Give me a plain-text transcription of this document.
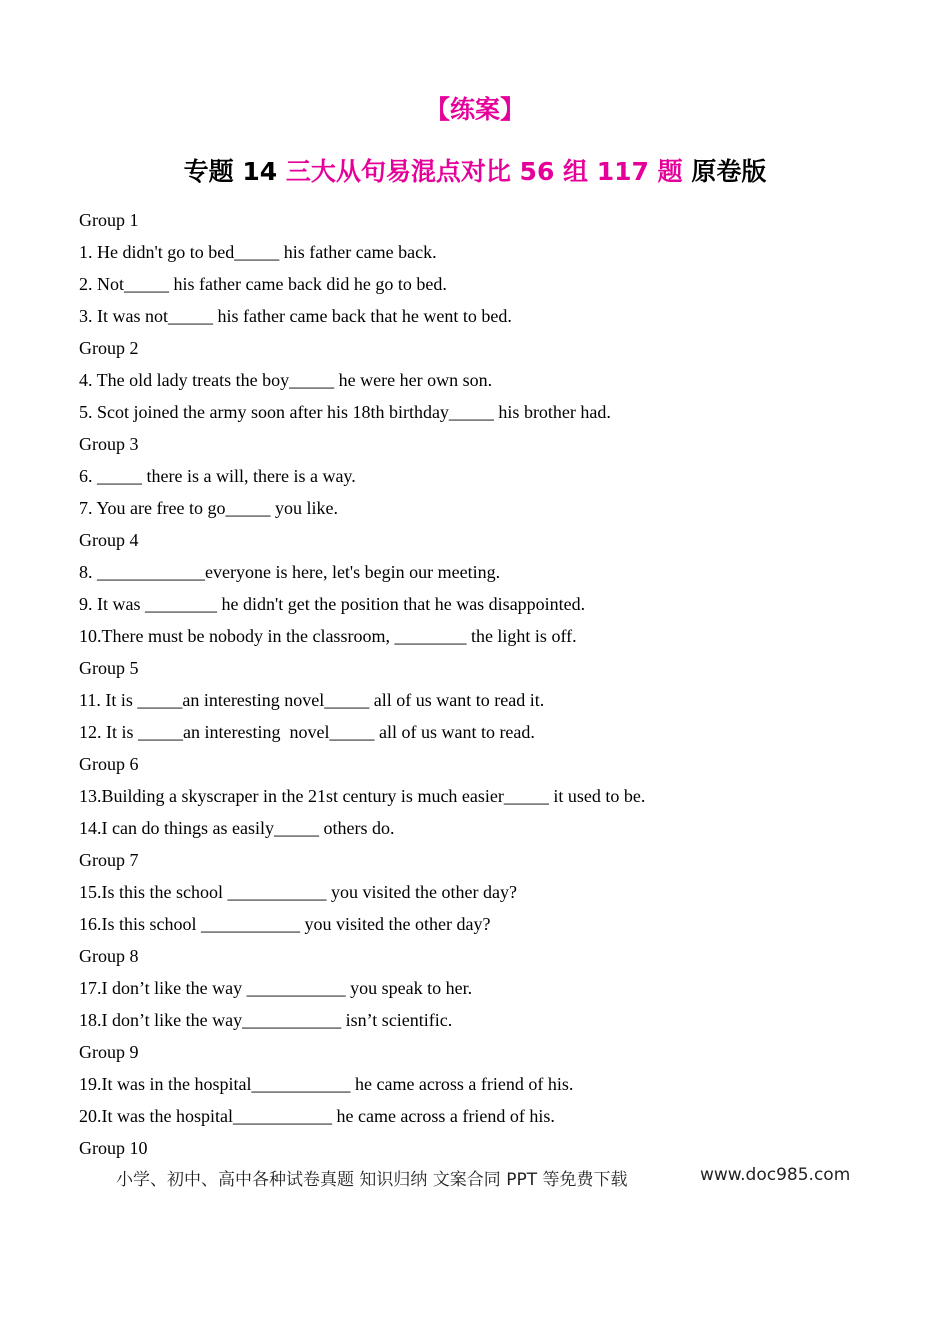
【练案】
专题 14 三大从句易混点对比 56 组 117 题 原卷版
Group 1
1. He didn't go to bed_____ his father came back.
2. Not_____ his father came back did he go to bed.
3. It was not_____ his father came back that he went to bed.
Group 2
4. The old lady treats the boy_____ he were her own son.
5. Scot joined the army soon after his 18th birthday_____ his brother had.
Group 3
6. _____ there is a will, there is a way.
7. You are free to go_____ you like.
Group 4
8. ____________everyone is here, let's begin our meeting.
9. It was ________ he didn't get the position that he was disappointed.
10.There must be nobody in the classroom, ________ the light is off.
Group 5
11. It is _____an interesting novel_____ all of us want to read it.
12. It is _____an interesting  novel_____ all of us want to read.
Group 6
13.Building a skyscraper in the 21st century is much easier_____ it used to be.
14.I can do things as easily_____ others do.
Group 7
15.Is this the school ___________ you visited the other day?
16.Is this school ___________ you visited the other day?
Group 8
17.I don’t like the way ___________ you speak to her.
18.I don’t like the way___________ isn’t scientific.
Group 9
19.It was in the hospital___________ he came across a friend of his.
20.It was the hospital___________ he came across a friend of his.
Group 10
小学、初中、高中各种试卷真题 知识归纳 文案合同 PPT 等免费下载	www.doc985.com
